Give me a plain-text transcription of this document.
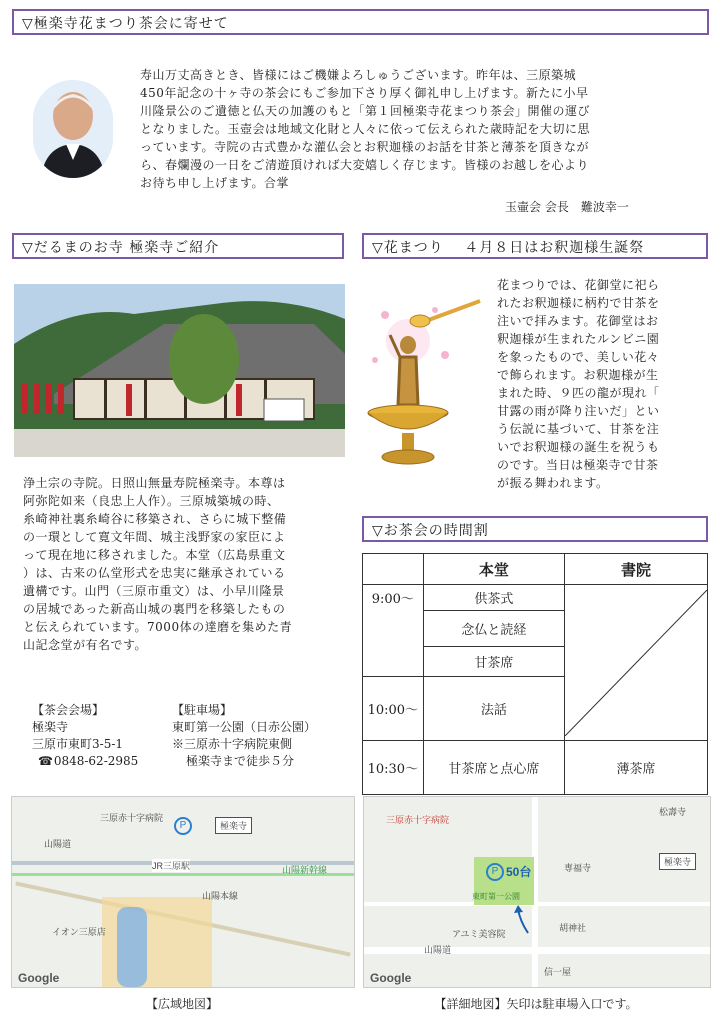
▽極楽寺花まつり茶会に寄せて
寿山万丈高きとき、皆様にはご機嫌よろしゅうございます。昨年は、三原築城
450年記念の十ヶ寺の茶会にもご参加下さり厚く御礼申し上げます。新たに小早
川隆景公のご遺徳と仏天の加護のもと「第１回極楽寺花まつり茶会」開催の運び
となりました。玉壺会は地域文化財と人々に依って伝えられた歳時記を大切に思
っています。寺院の古式豊かな灌仏会とお釈迦様のお話を甘茶と薄茶を頂きなが
ら、春爛漫の一日をご清遊頂ければ大変嬉しく存じます。皆様のお越しを心より
お待ち申し上げます。合掌
玉壷会 会長　難波幸一
▽だるまのお寺 極楽寺ご紹介
浄土宗の寺院。日照山無量寿院極楽寺。本尊は
阿弥陀如来（良忠上人作）。三原城築城の時、
糸崎神社裏糸崎谷に移築され、さらに城下整備
の一環として寛文年間、城主浅野家の家臣によ
って現在地に移されました。本堂（広島県重文
）は、古来の仏堂形式を忠実に継承されている
遺構です。山門（三原市重文）は、小早川隆景
の居城であった新高山城の裏門を移築したもの
と伝えられています。7000体の達磨を集めた青
山記念堂が有名です。
【茶会会場】
極楽寺
三原市東町3-5-1
☎ 0848-62-2985
【駐車場】
東町第一公園（日赤公園）
※三原赤十字病院東側
極楽寺まで徒歩５分
▽花まつり　 ４月８日はお釈迦様生誕祭
花まつりでは、花御堂に祀ら
れたお釈迦様に柄杓で甘茶を
注いで拝みます。花御堂はお
釈迦様が生まれたルンビニ園
を象ったもので、美しい花々
で飾られます。お釈迦様が生
まれた時、９匹の龍が現れ「
甘露の雨が降り注いだ」とい
う伝説に基づいて、甘茶を注
いでお釈迦様の誕生を祝うも
のです。当日は極楽寺で甘茶
が振る舞われます。
▽お茶会の時間割
	本堂	書院
9:00～	供茶式	

	念仏と読経	
	甘茶席	
10:00～	法話	
10:30～	甘茶席と点心席	薄茶席
三原赤十字病院
P	極楽寺
JR三原駅	山陽新幹線
山陽本線
山陽道
イオン三原店
Google
【広域地図】
三原赤十字病院
松壽寺
専福寺
極楽寺
P 50台
東町第一公園
胡神社
アユミ美容院
信一屋
山陽道
Google
【詳細地図】矢印は駐車場入口です。
